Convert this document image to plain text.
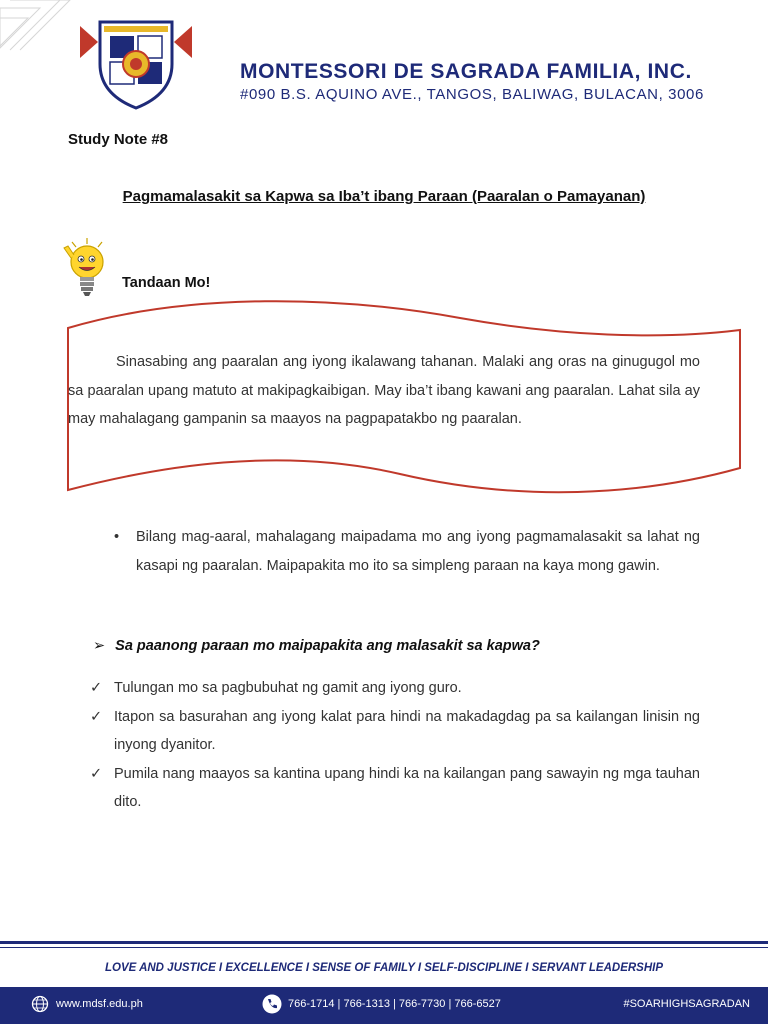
MONTESSORI DE SAGRADA FAMILIA, INC.
#090 B.S. AQUINO AVE., TANGOS, BALIWAG, BULACAN, 3006
Study Note #8
Pagmamalasakit sa Kapwa sa Iba’t ibang Paraan (Paaralan o Pamayanan)
Tandaan Mo!
Sinasabing ang paaralan ang iyong ikalawang tahanan. Malaki ang oras na ginugugol mo sa paaralan upang matuto at makipagkaibigan. May iba’t ibang kawani ang paaralan. Lahat sila ay may mahalagang gampanin sa maayos na pagpapatakbo ng paaralan.
• Bilang mag-aaral, mahalagang maipadama mo ang iyong pagmamalasakit sa lahat ng kasapi ng paaralan. Maipapakita mo ito sa simpleng paraan na kaya mong gawin.
➢ Sa paanong paraan mo maipapakita ang malasakit sa kapwa?
✓ Tulungan mo sa pagbubuhat ng gamit ang iyong guro.
✓ Itapon sa basurahan ang iyong kalat para hindi na makadagdag pa sa kailangan linisin ng inyong dyanitor.
✓ Pumila nang maayos sa kantina upang hindi ka na kailangan pang sawayin ng mga tauhan dito.
LOVE AND JUSTICE I EXCELLENCE I SENSE OF FAMILY I SELF-DISCIPLINE I SERVANT LEADERSHIP
www.mdsf.edu.ph	766-1714 | 766-1313 | 766-7730 | 766-6527	#SOARHIGHSAGRADAN
